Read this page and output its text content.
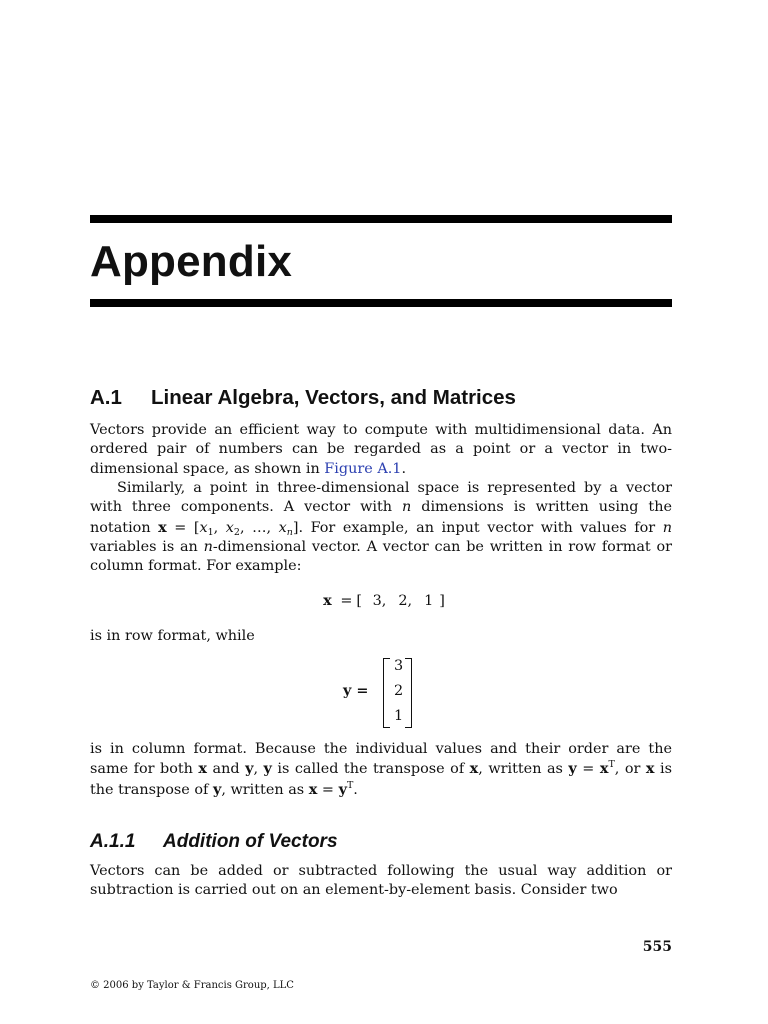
Appendix
A.1 Linear Algebra, Vectors, and Matrices

Vectors provide an efficient way to compute with multidimensional data. An ordered pair of numbers can be regarded as a point or a vector in two-dimensional space, as shown in Figure A.1.

Similarly, a point in three-dimensional space is represented by a vector with three components. A vector with n dimensions is written using the notation $x = [x_1$, $x_2$, …, $x_n$]. For example, an input vector with values for n variables is an n-dimensional vector. A vector can be written in row format or column format. For example:

x = [ 3, 2, 1 ]

is in row format, while

y =
3
2
1

is in column format. Because the individual values and their order are the same for both x and y, y is called the transpose of x, written as $y = x^T$, or x is the transpose of y, written as $x = y^T$.

A.1.1 Addition of Vectors

Vectors can be added or subtracted following the usual way addition or subtraction is carried out on an element-by-element basis. Consider two

555
© 2006 by Taylor & Francis Group, LLC
